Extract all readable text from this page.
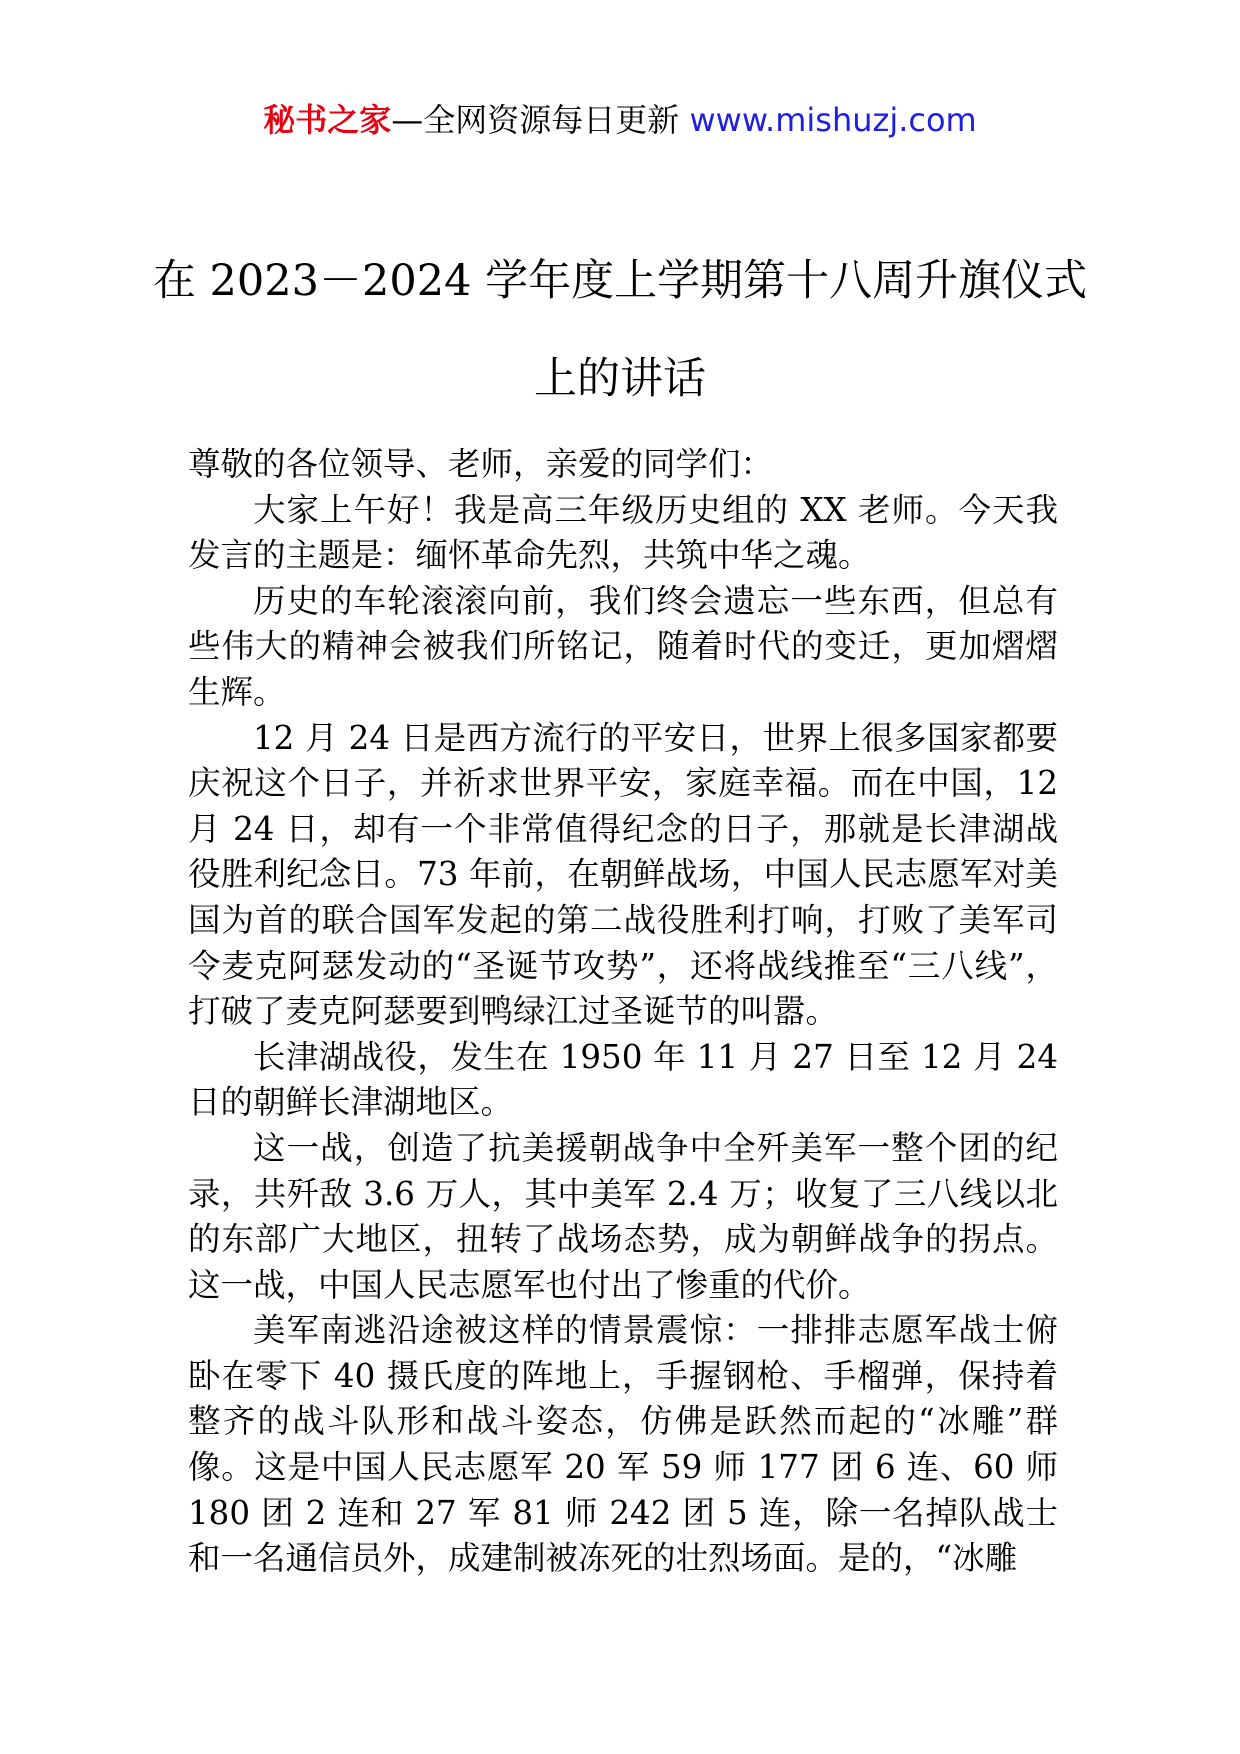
秘书之家—全网资源每日更新 www.mishuzj.com
在 2023－2024 学年度上学期第十八周升旗仪式上的讲话

尊敬的各位领导、老师，亲爱的同学们：

大家上午好！我是高三年级历史组的 XX 老师。今天我发言的主题是：缅怀革命先烈，共筑中华之魂。

历史的车轮滚滚向前，我们终会遗忘一些东西，但总有些伟大的精神会被我们所铭记，随着时代的变迁，更加熠熠生辉。

12 月 24 日是西方流行的平安日，世界上很多国家都要庆祝这个日子，并祈求世界平安，家庭幸福。而在中国，12 月 24 日，却有一个非常值得纪念的日子，那就是长津湖战役胜利纪念日。73 年前，在朝鲜战场，中国人民志愿军对美国为首的联合国军发起的第二战役胜利打响，打败了美军司令麦克阿瑟发动的“圣诞节攻势”，还将战线推至“三八线”，打破了麦克阿瑟要到鸭绿江过圣诞节的叫嚣。

长津湖战役，发生在 1950 年 11 月 27 日至 12 月 24 日的朝鲜长津湖地区。

这一战，创造了抗美援朝战争中全歼美军一整个团的纪录，共歼敌 3.6 万人，其中美军 2.4 万；收复了三八线以北的东部广大地区，扭转了战场态势，成为朝鲜战争的拐点。这一战，中国人民志愿军也付出了惨重的代价。

美军南逃沿途被这样的情景震惊：一排排志愿军战士俯卧在零下 40 摄氏度的阵地上，手握钢枪、手榴弹，保持着整齐的战斗队形和战斗姿态，仿佛是跃然而起的“冰雕”群像。这是中国人民志愿军 20 军 59 师 177 团 6 连、60 师 180 团 2 连和 27 军 81 师 242 团 5 连，除一名掉队战士和一名通信员外，成建制被冻死的壮烈场面。是的，“冰雕
